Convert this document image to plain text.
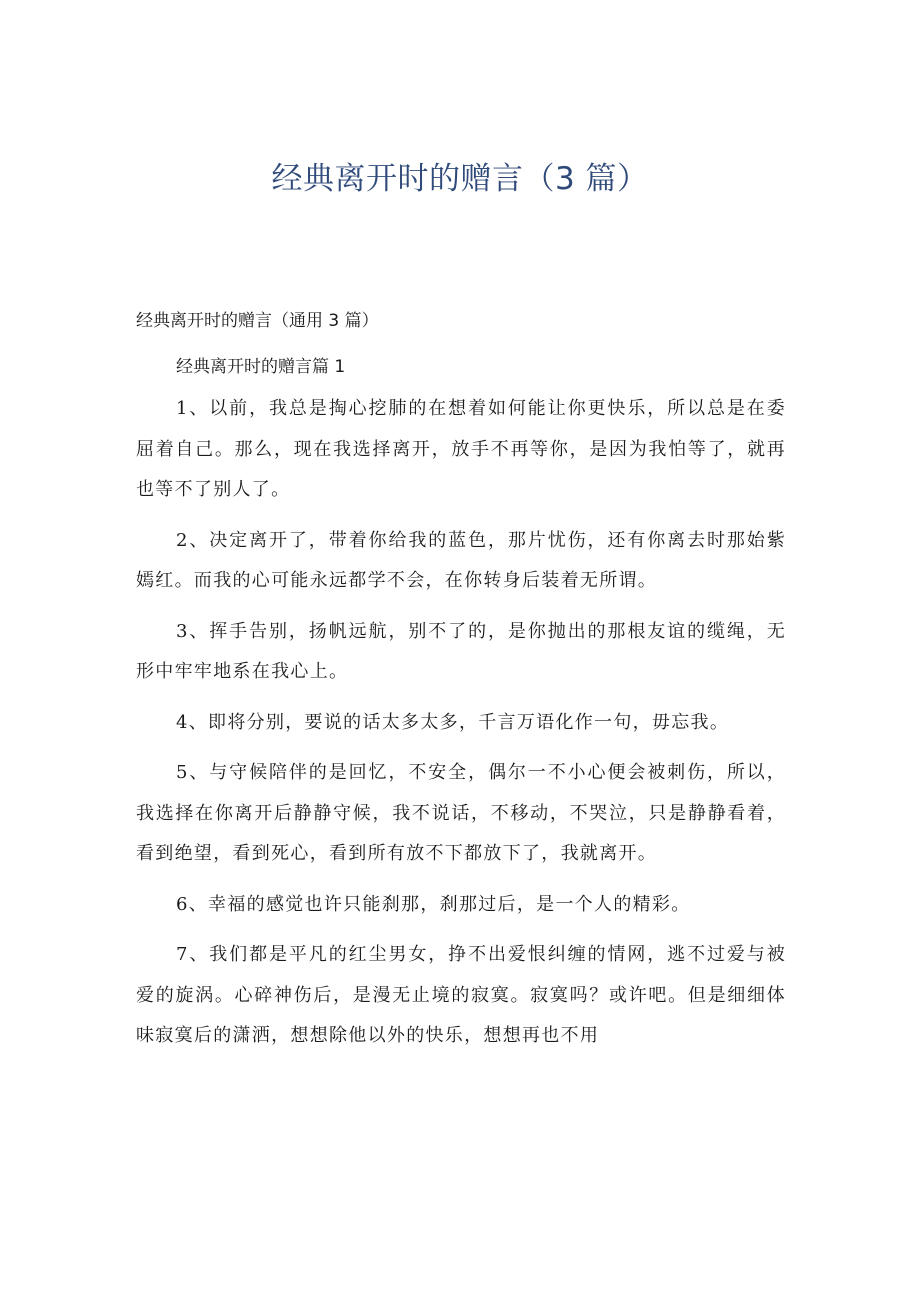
经典离开时的赠言（3 篇）

经典离开时的赠言（通用 3 篇）

经典离开时的赠言篇 1

1、以前，我总是掏心挖肺的在想着如何能让你更快乐，所以总是在委屈着自己。那么，现在我选择离开，放手不再等你，是因为我怕等了，就再也等不了别人了。

2、决定离开了，带着你给我的蓝色，那片忧伤，还有你离去时那始紫嫣红。而我的心可能永远都学不会，在你转身后装着无所谓。

3、挥手告别，扬帆远航，别不了的，是你抛出的那根友谊的缆绳，无形中牢牢地系在我心上。

4、即将分别，要说的话太多太多，千言万语化作一句，毋忘我。

5、与守候陪伴的是回忆，不安全，偶尔一不小心便会被刺伤，所以，我选择在你离开后静静守候，我不说话，不移动，不哭泣，只是静静看着，看到绝望，看到死心，看到所有放不下都放下了，我就离开。

6、幸福的感觉也许只能刹那，刹那过后，是一个人的精彩。

7、我们都是平凡的红尘男女，挣不出爱恨纠缠的情网，逃不过爱与被爱的旋涡。心碎神伤后，是漫无止境的寂寞。寂寞吗？或许吧。但是细细体味寂寞后的潇洒，想想除他以外的快乐，想想再也不用
